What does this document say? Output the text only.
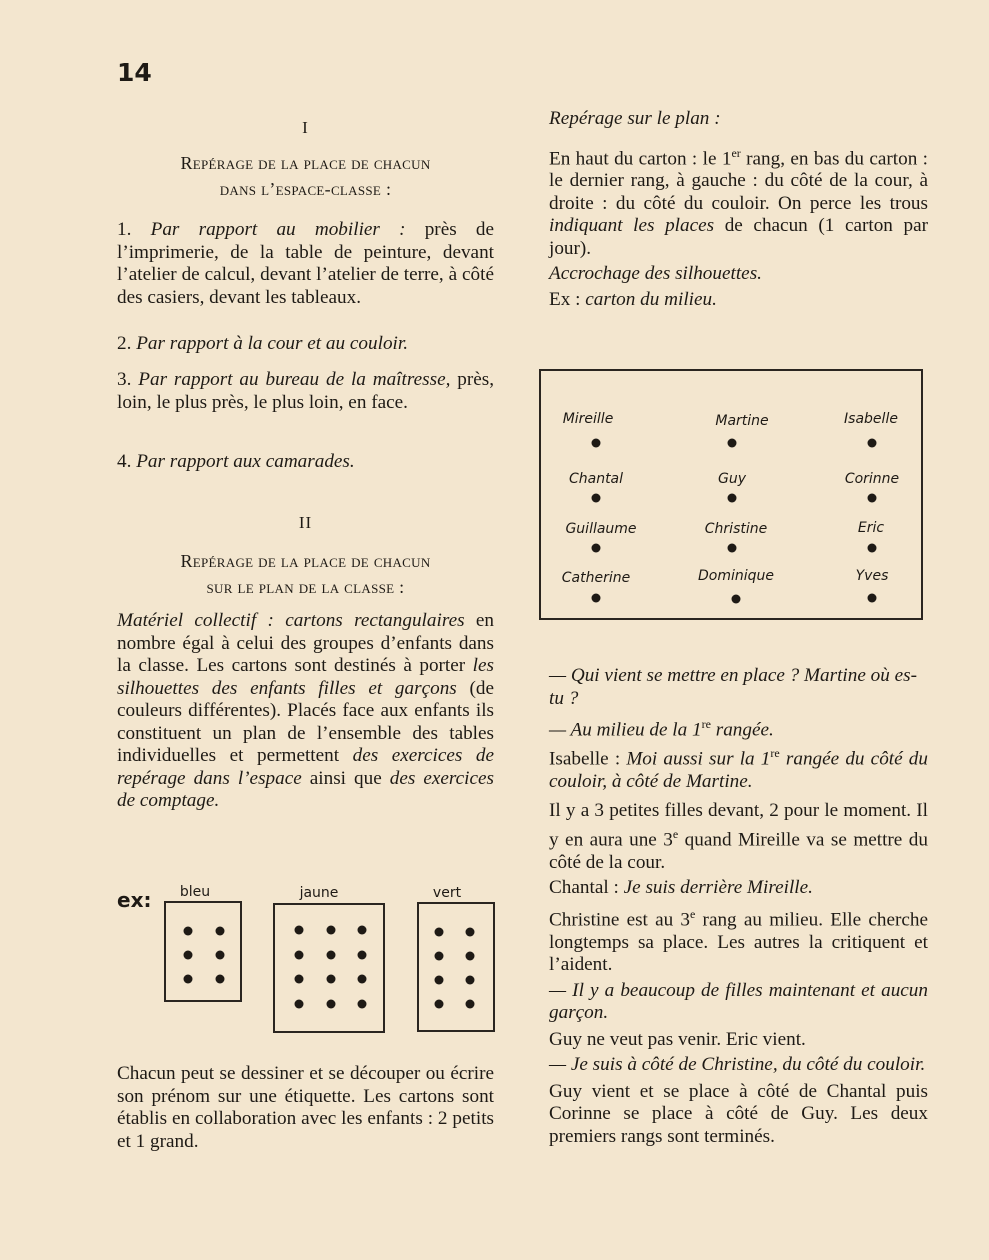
14
I
Repérage de la place de chacun
dans l’espace-classe :

1. Par rapport au mobilier : près de l’imprimerie, de la table de peinture, devant l’atelier de calcul, devant l’atelier de terre, à côté des casiers, devant les tableaux.

2. Par rapport à la cour et au couloir.

3. Par rapport au bureau de la maîtresse, près, loin, le plus près, le plus loin, en face.

4. Par rapport aux camarades.

II
Repérage de la place de chacun
sur le plan de la classe :

Matériel collectif : cartons rectangulaires en nombre égal à celui des groupes d’enfants dans la classe. Les cartons sont destinés à porter les silhouettes des enfants filles et garçons (de couleurs différentes). Placés face aux enfants ils constituent un plan de l’ensemble des tables individuelles et permettent des exercices de repérage dans l’espace ainsi que des exercices de comptage.

ex: bleu	jaune	vert

Chacun peut se dessiner et se découper ou écrire son prénom sur une étiquette. Les cartons sont établis en collaboration avec les enfants : 2 petits et 1 grand.

Repérage sur le plan :

En haut du carton : le 1er rang, en bas du carton : le dernier rang, à gauche : du côté de la cour, à droite : du côté du couloir. On perce les trous indiquant les places de chacun (1 carton par jour).

Accrochage des silhouettes.

Ex : carton du milieu.

Mireille	Martine	Isabelle
Chantal	Guy	Corinne
Guillaume	Christine	Eric
Catherine	Dominique	Yves

— Qui vient se mettre en place ? Martine où es-tu ?

— Au milieu de la 1re rangée.

Isabelle : Moi aussi sur la 1re rangée du côté du couloir, à côté de Martine.

Il y a 3 petites filles devant, 2 pour le moment. Il y en aura une 3e quand Mireille va se mettre du côté de la cour.

Chantal : Je suis derrière Mireille.

Christine est au 3e rang au milieu. Elle cherche longtemps sa place. Les autres la critiquent et l’aident.

— Il y a beaucoup de filles maintenant et aucun garçon.

Guy ne veut pas venir. Eric vient.

— Je suis à côté de Christine, du côté du couloir.

Guy vient et se place à côté de Chantal puis Corinne se place à côté de Guy. Les deux premiers rangs sont terminés.
